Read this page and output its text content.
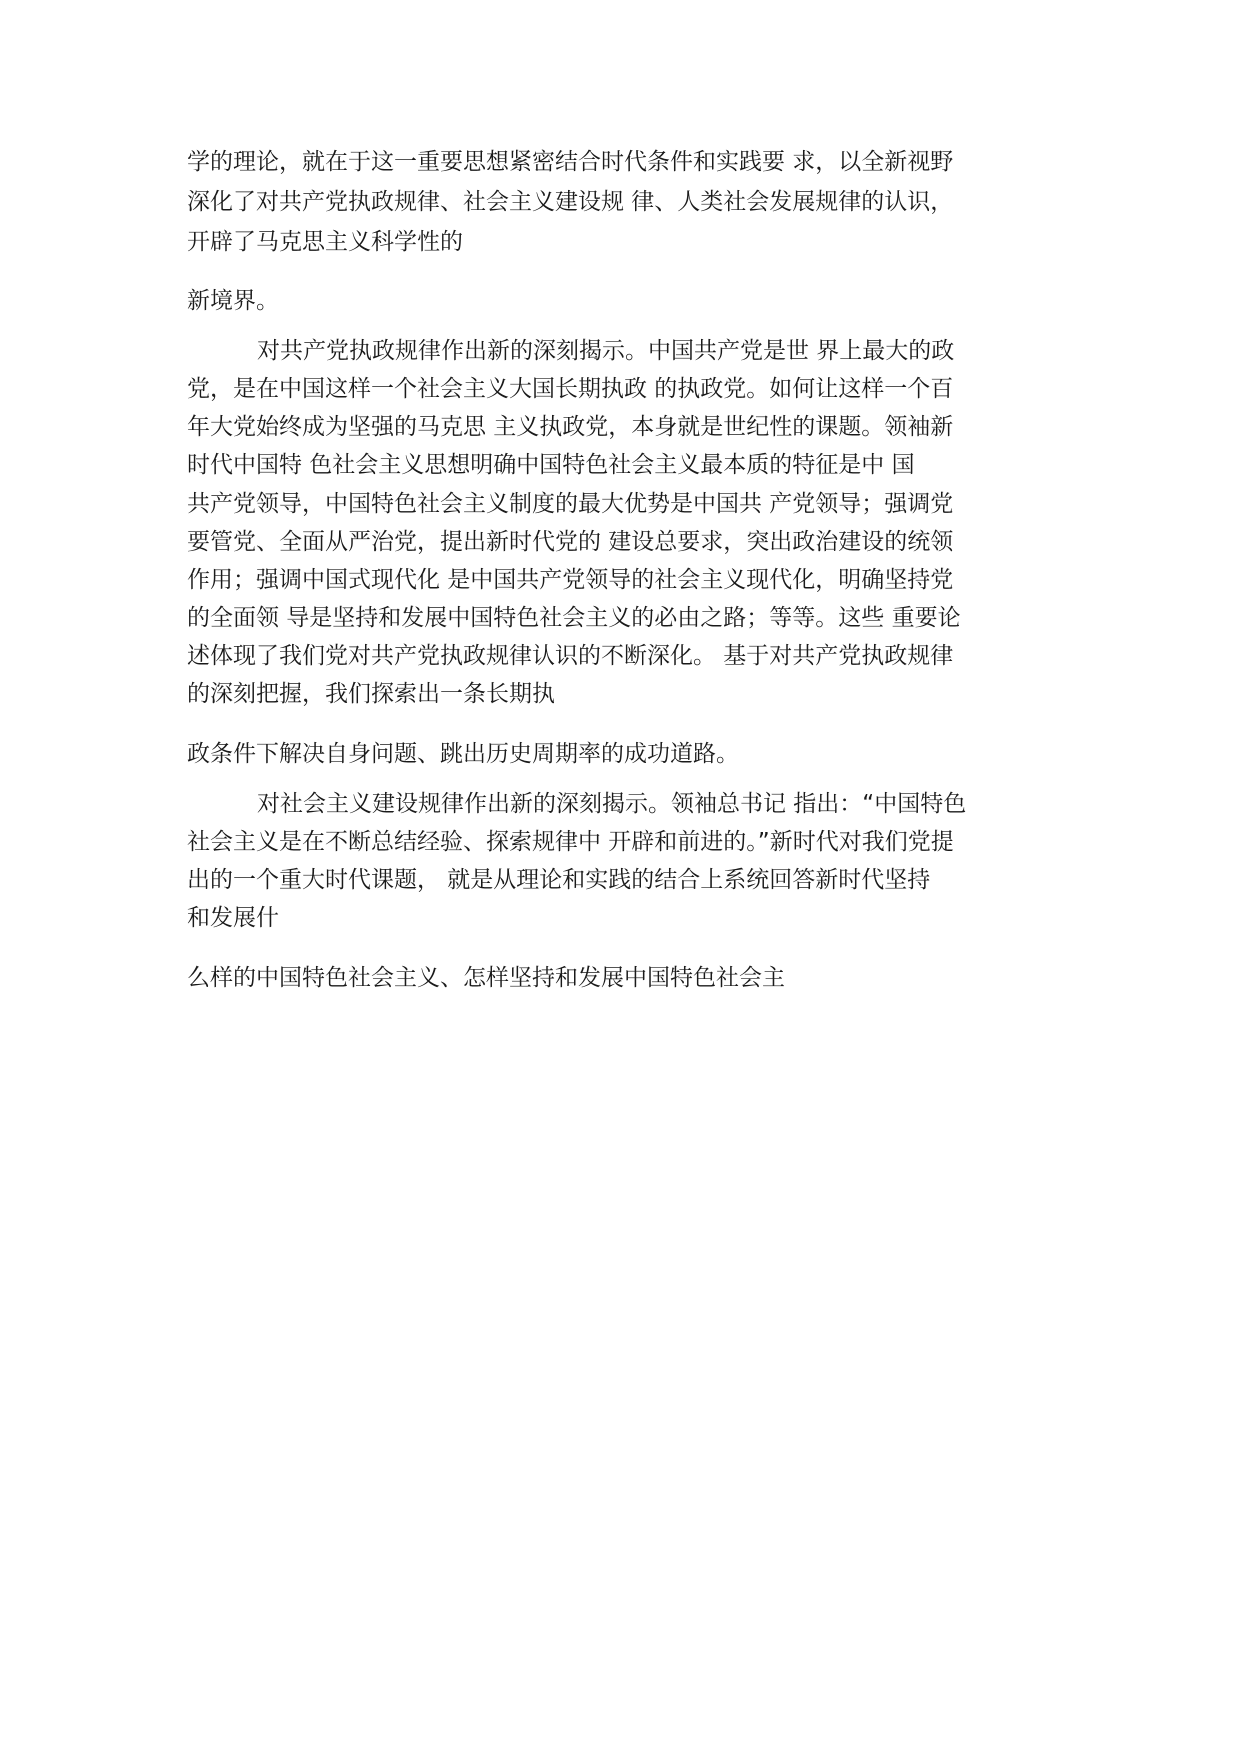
学的理论，就在于这一重要思想紧密结合时代条件和实践要 求，以全新视野
深化了对共产党执政规律、社会主义建设规 律、人类社会发展规律的认识，
开辟了马克思主义科学性的
新境界。
对共产党执政规律作出新的深刻揭示。中国共产党是世 界上最大的政
党，是在中国这样一个社会主义大国长期执政 的执政党。如何让这样一个百
年大党始终成为坚强的马克思 主义执政党，本身就是世纪性的课题。领袖新
时代中国特 色社会主义思想明确中国特色社会主义最本质的特征是中 国
共产党领导，中国特色社会主义制度的最大优势是中国共 产党领导；强调党
要管党、全面从严治党，提出新时代党的 建设总要求，突出政治建设的统领
作用；强调中国式现代化 是中国共产党领导的社会主义现代化，明确坚持党
的全面领 导是坚持和发展中国特色社会主义的必由之路；等等。这些 重要论
述体现了我们党对共产党执政规律认识的不断深化。 基于对共产党执政规律
的深刻把握，我们探索出一条长期执
政条件下解决自身问题、跳出历史周期率的成功道路。
对社会主义建设规律作出新的深刻揭示。领袖总书记 指出：“中国特色
社会主义是在不断总结经验、探索规律中 开辟和前进的。”新时代对我们党提
出的一个重大时代课题， 就是从理论和实践的结合上系统回答新时代坚持
和发展什
么样的中国特色社会主义、怎样坚持和发展中国特色社会主
